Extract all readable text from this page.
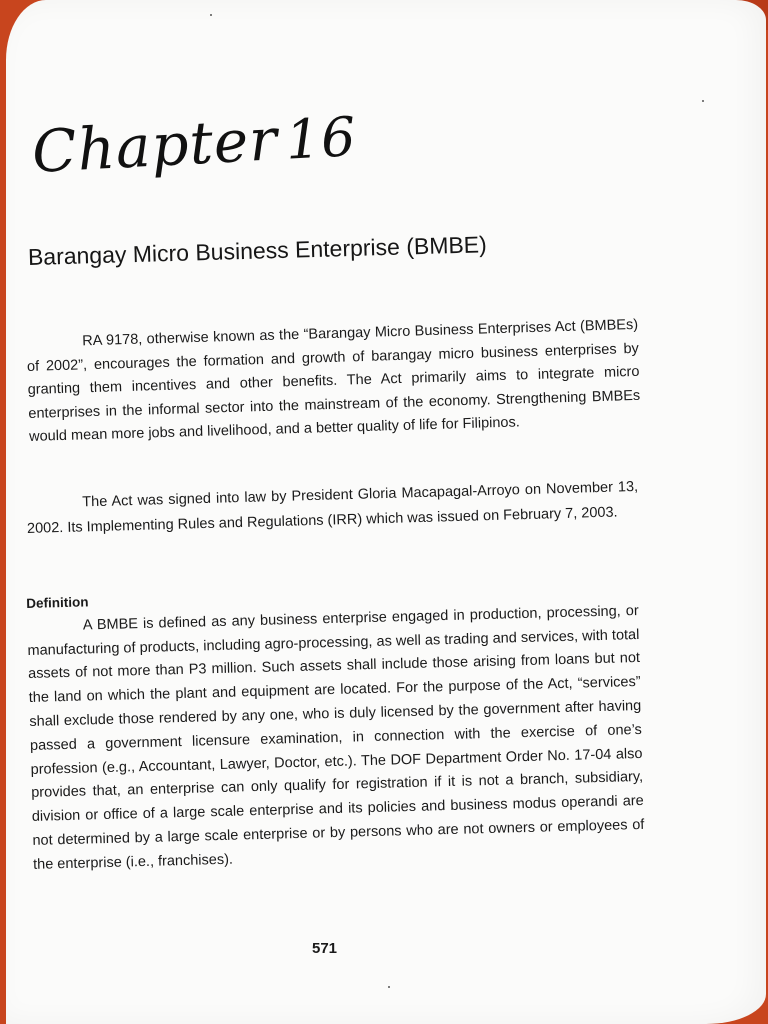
Chapter16
Barangay Micro Business Enterprise (BMBE)

RA 9178, otherwise known as the “Barangay Micro Business Enterprises Act (BMBEs) of 2002”, encourages the formation and growth of barangay micro business enterprises by granting them incentives and other benefits. The Act primarily aims to integrate micro enterprises in the informal sector into the mainstream of the economy. Strengthening BMBEs would mean more jobs and livelihood, and a better quality of life for Filipinos.

The Act was signed into law by President Gloria Macapagal-Arroyo on November 13, 2002. Its Implementing Rules and Regulations (IRR) which was issued on February 7, 2003.

Definition

A BMBE is defined as any business enterprise engaged in production, processing, or manufacturing of products, including agro-processing, as well as trading and services, with total assets of not more than P3 million. Such assets shall include those arising from loans but not the land on which the plant and equipment are located. For the purpose of the Act, “services” shall exclude those rendered by any one, who is duly licensed by the government after having passed a government licensure examination, in connection with the exercise of one’s profession (e.g., Accountant, Lawyer, Doctor, etc.). The DOF Department Order No. 17-04 also provides that, an enterprise can only qualify for registration if it is not a branch, subsidiary, division or office of a large scale enterprise and its policies and business modus operandi are not determined by a large scale enterprise or by persons who are not owners or employees of the enterprise (i.e., franchises).

571
